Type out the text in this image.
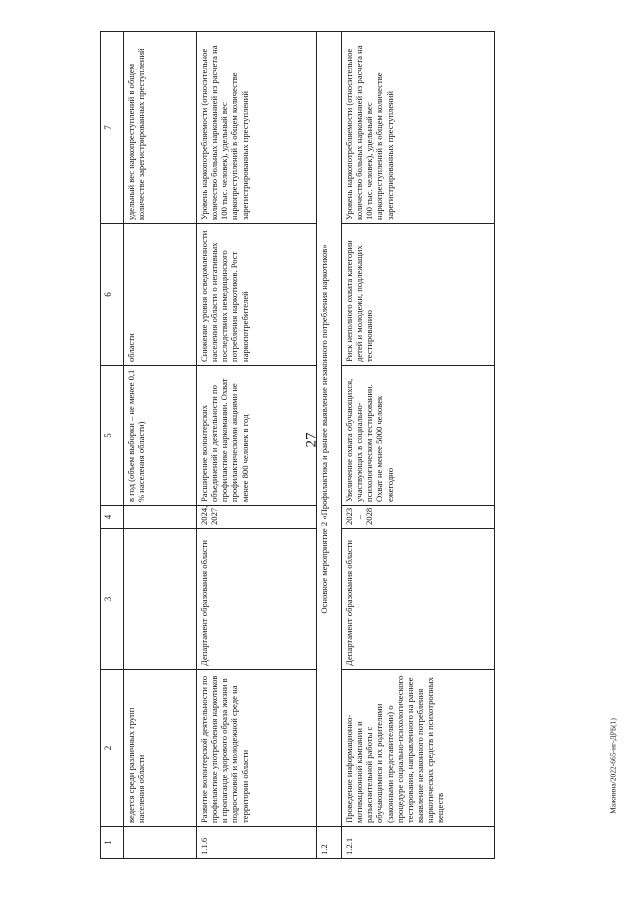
27
1
2
3
4
5
6
7
ведется среди различных групп населения области
в год (объем выборки – не менее 0,1 % населения области)
области
удельный вес наркопреступлений в общем количестве зарегистрированных преступлений
1.1.6
Развитие волонтерской деятельности по профилактике употребления наркотиков и пропаганде здорового образа жизни в подростковой и молодежной среде на территории области
Департамент образования области
2024, 2027
Расширение волонтерских объединений и деятельности по профилактике наркомании. Охват профилактическими акциями не менее 800 человек в год
Снижение уровня осведомленности населения области о негативных последствиях немедицинского потребления наркотиков. Рост наркопотребителей
Уровень наркопотребляемости (относительное количество больных наркоманией из расчета на 100 тыс. человек), удельный вес наркопреступлений в общем количестве зарегистрированных преступлений
1.2
Основное мероприятие 2 «Профилактика и раннее выявление незаконного потребления наркотиков»
1.2.1
Проведение информационно-мотивационной кампании и разъяснительной работы с обучающимися и их родителями (законными представителями) о процедуре социально-психологического тестирования, направленного на раннее выявление незаконного потребления наркотических средств и психотропных веществ
Департамент образования области
2023 – 2028
Увеличение охвата обучающихся, участвующих в социально-психологическом тестировании. Охват не менее 5000 человек ежегодно
Риск неполного охвата категории детей и молодежи, подлежащих тестированию
Уровень наркопотребляемости (относительное количество больных наркоманией из расчета на 100 тыс. человек), удельный вес наркопреступлений в общем количестве зарегистрированных преступлений
Мажнина/2022-665-нг-ДРБ(1)
